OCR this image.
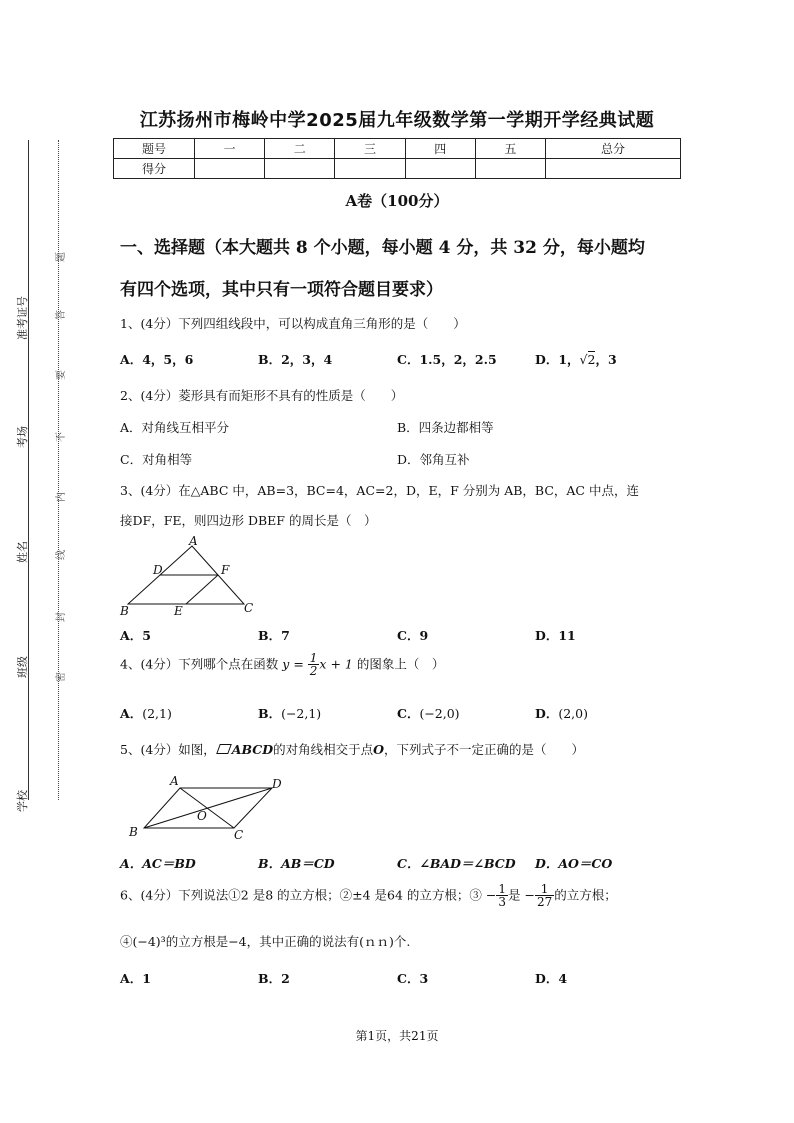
准考证号
考场
姓名
班级
学校
题
答
要
不
内
线
封
密
江苏扬州市梅岭中学2025届九年级数学第一学期开学经典试题
题号	一	二	三	四	五	总分
得分						
A卷（100分）
一、选择题（本大题共 8 个小题，每小题 4 分，共 32 分，每小题均
有四个选项，其中只有一项符合题目要求）
1、(4分）下列四组线段中，可以构成直角三角形的是（　　）
A．4，5，6	B．2，3，4	C．1.5，2，2.5	D．1，√2，3
2、(4分）菱形具有而矩形不具有的性质是（　　）
A．对角线互相平分	B．四条边都相等
C．对角相等	D．邻角互补
3、(4分）在△ABC 中，AB=3，BC=4，AC=2，D，E，F 分别为 AB，BC，AC 中点，连
接DF，FE，则四边形 DBEF 的周长是（　）
A
D	F
B	E	C
A．5	B．7	C．9	D．11
4、(4分）下列哪个点在函数 $y = \frac{1}{2}$ x + 1 的图象上（　）
A．(2,1)	B．(−2,1)	C．(−2,0)	D．(2,0)
5、(4分）如图， ABCD的对角线相交于点O，下列式子不一定正确的是（　　）
A	D
O
B	C
A．AC＝BD	B．AB＝CD	C．∠BAD＝∠BCD D．AO＝CO
6、(4分）下列说法①2 是8 的立方根；②±4 是64 的立方根；③ − $\frac{1}{3}$ 是 − $\frac{1}{27}$ 的立方根；
④(−4)³的立方根是−4，其中正确的说法有(ｎｎ)个.
A．1	B．2	C．3	D．4
第1页，共21页
